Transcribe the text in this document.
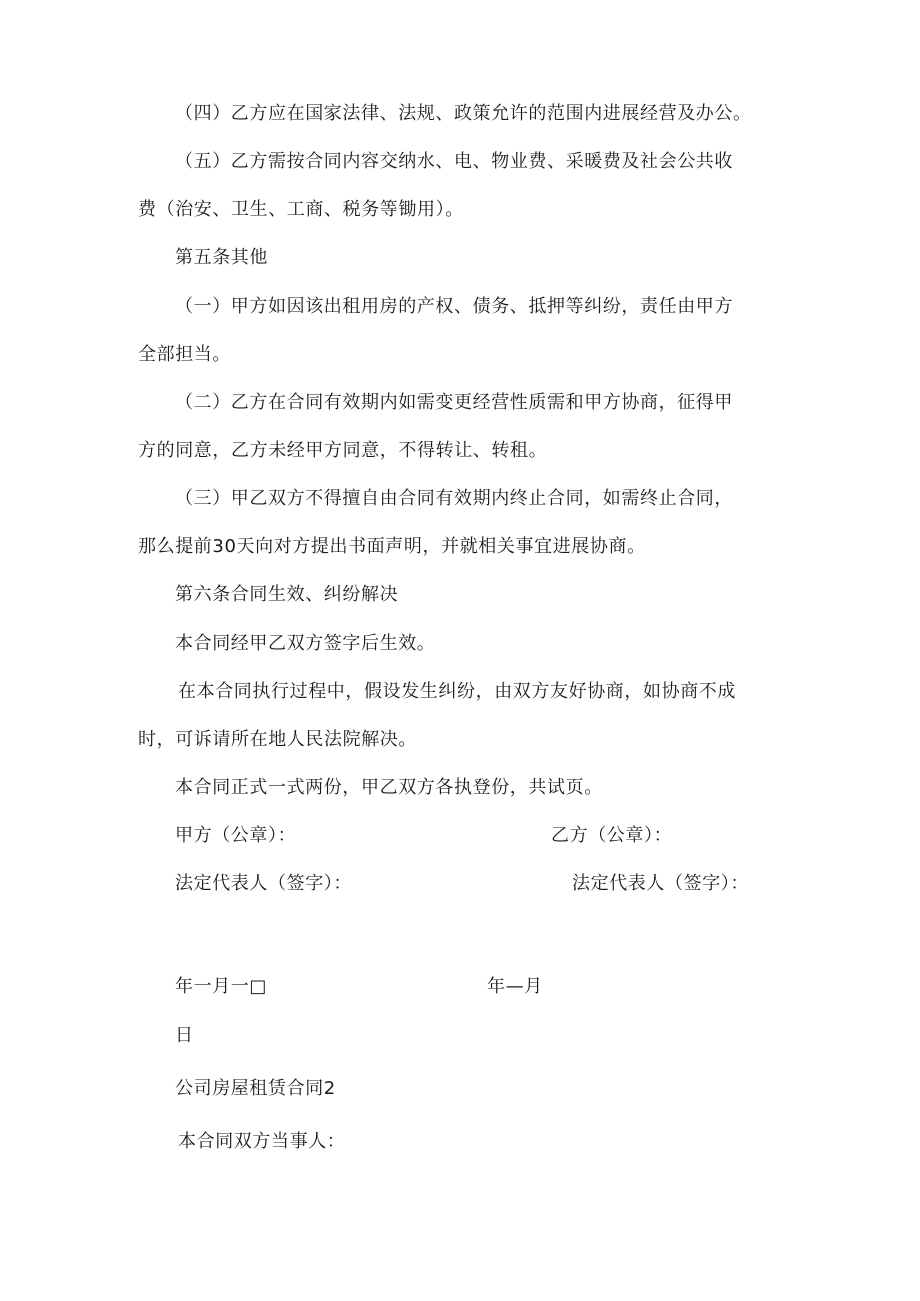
（四）乙方应在国家法律、法规、政策允许的范围内进展经营及办公。
（五）乙方需按合同内容交纳水、电、物业费、采暖费及社会公共收
费（治安、卫生、工商、税务等锄用）。
第五条其他
（一）甲方如因该出租用房的产权、债务、抵押等纠纷，责任由甲方
全部担当。
（二）乙方在合同有效期内如需变更经营性质需和甲方协商，征得甲
方的同意，乙方未经甲方同意，不得转让、转租。
（三）甲乙双方不得擅自由合同有效期内终止合同，如需终止合同，
那么提前30天向对方提出书面声明，并就相关事宜进展协商。
第六条合同生效、纠纷解决
本合同经甲乙双方签字后生效。
在本合同执行过程中，假设发生纠纷，由双方友好协商，如协商不成
时，可诉请所在地人民法院解决。
本合同正式一式两份，甲乙双方各执登份，共试页。
甲方（公章）：	乙方（公章）：
法定代表人（签字）：	法定代表人（签字）：
年一月一□	年—月
日
公司房屋租赁合同2
本合同双方当事人：
